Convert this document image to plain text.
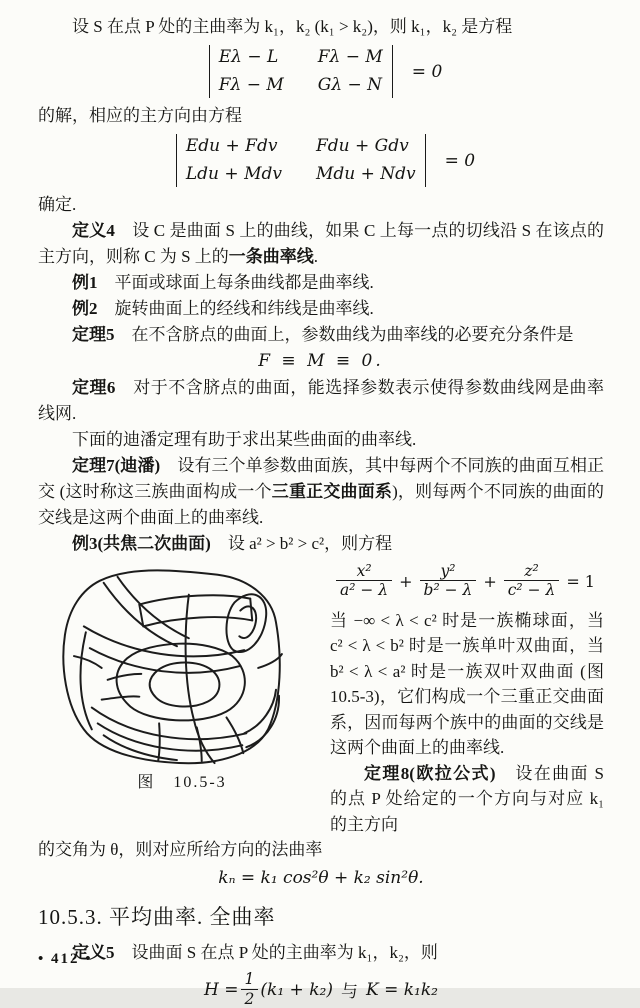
设 S 在点 P 处的主曲率为 k₁，k₂ (k₁ > k₂)，则 k₁，k₂ 是方程

Eλ − L	Fλ − M
Fλ − M Gλ − N
= 0

的解，相应的主方向由方程

Edu + Fdv Fdu + Gdv
Ldu + Mdv Mdu + Ndv
= 0

确定.

定义4　设 C 是曲面 S 上的曲线，如果 C 上每一点的切线沿 S 在该点的主方向，则称 C 为 S 上的一条曲率线.

例1　平面或球面上每条曲线都是曲率线.

例2　旋转曲面上的经线和纬线是曲率线.

定理5　在不含脐点的曲面上，参数曲线为曲率线的必要充分条件是

F ≡ M ≡ 0.

定理6　对于不含脐点的曲面，能选择参数表示使得参数曲线网是曲率线网.

下面的迪潘定理有助于求出某些曲面的曲率线.

定理7(迪潘)　设有三个单参数曲面族，其中每两个不同族的曲面互相正交 (这时称这三族曲面构成一个三重正交曲面系)，则每两个不同族的曲面的交线是这两个曲面上的曲率线.

例3(共焦二次曲面)　设 a² > b² > c²，则方程

图　10.5-3
$\frac{\text{x²}}{\text{a² − λ}} + \frac{\text{y²}}{\text{b² − λ}} + \frac{\text{z²}}{\text{c² − λ}} = 1$

当 −∞ < λ < c² 时是一族椭球面，当 c² < λ < b² 时是一族单叶双曲面，当 b² < λ < a² 时是一族双叶双曲面 (图10.5-3)，它们构成一个三重正交曲面系，因而每两个族中的曲面的交线是这两个曲面上的曲率线.

定理8(欧拉公式)　设在曲面 S 的点 P 处给定的一个方向与对应 k₁ 的主方向

的交角为 θ，则对应所给方向的法曲率

kₙ = k₁ cos²θ + k₂ sin²θ.
10.5.3. 平均曲率. 全曲率

定义5　设曲面 S 在点 P 处的主曲率为 k₁，k₂，则

$H = \frac{1}{2} (k_1 + k_2)$ 与 K = k₁k₂
• 412 •
